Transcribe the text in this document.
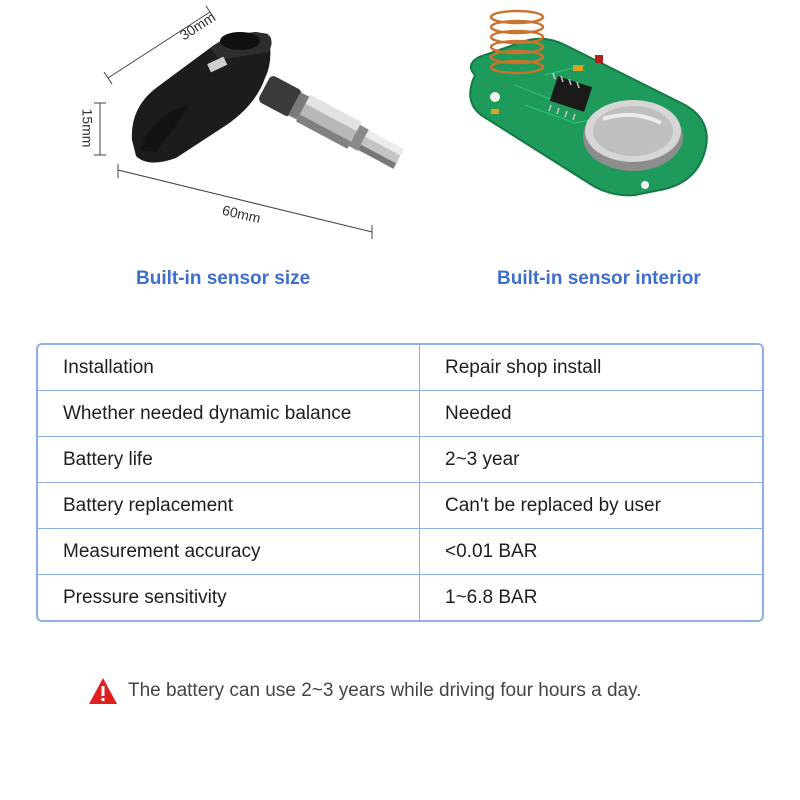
30mm
15mm
60mm
Built-in sensor size	Built-in sensor interior
Installation	Repair shop install
Whether needed dynamic balance	Needed
Battery life	2~3 year
Battery replacement	Can't be replaced by user
Measurement accuracy	<0.01 BAR
Pressure sensitivity	1~6.8 BAR
The battery can use 2~3 years while driving four hours a day.
